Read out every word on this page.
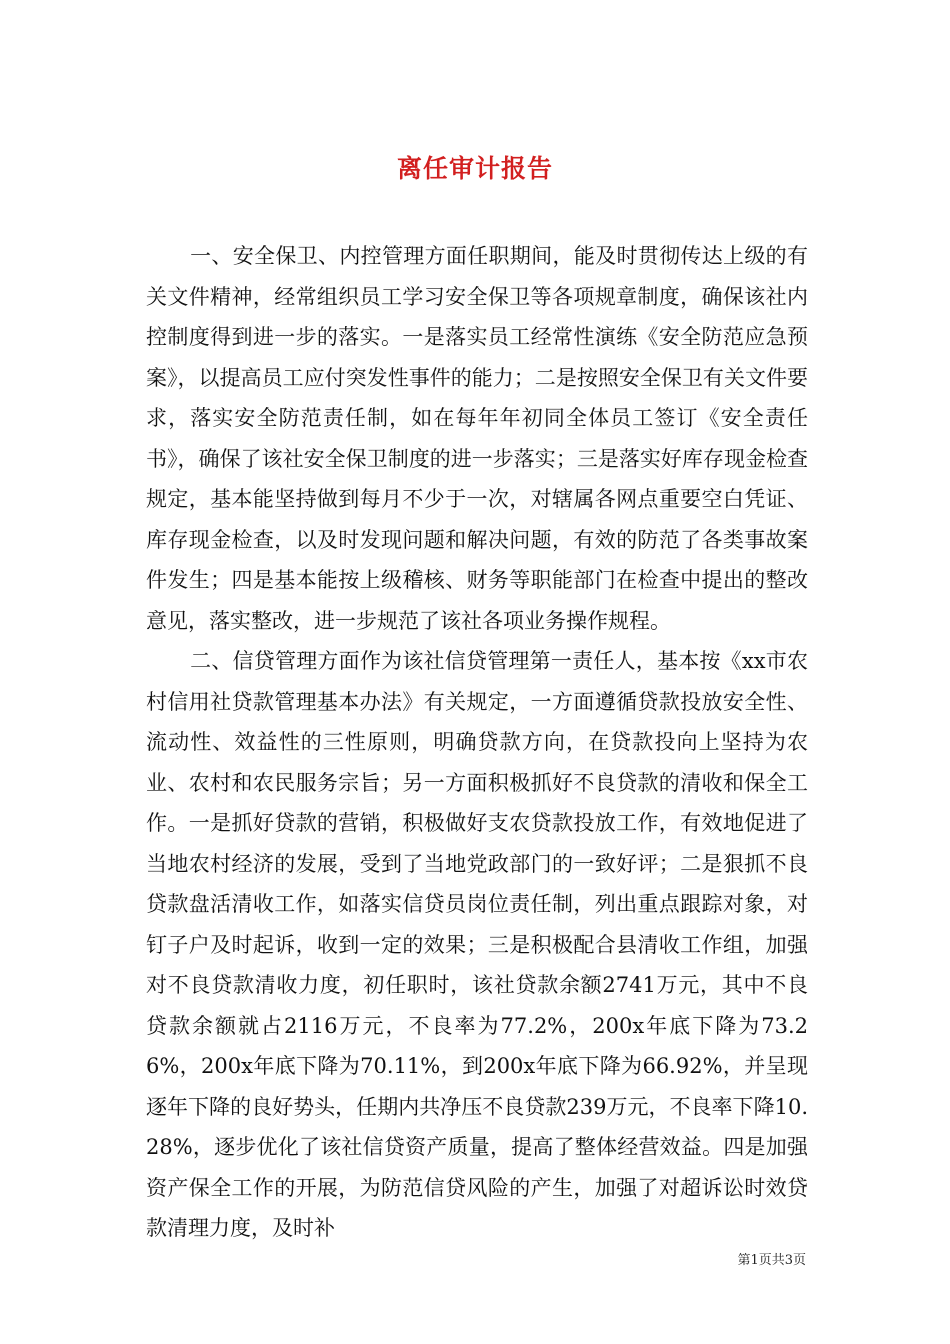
离任审计报告

一、安全保卫、内控管理方面任职期间，能及时贯彻传达上级的有关文件精神，经常组织员工学习安全保卫等各项规章制度，确保该社内控制度得到进一步的落实。一是落实员工经常性演练《安全防范应急预案》，以提高员工应付突发性事件的能力；二是按照安全保卫有关文件要求，落实安全防范责任制，如在每年年初同全体员工签订《安全责任书》，确保了该社安全保卫制度的进一步落实；三是落实好库存现金检查规定，基本能坚持做到每月不少于一次，对辖属各网点重要空白凭证、库存现金检查，以及时发现问题和解决问题，有效的防范了各类事故案件发生；四是基本能按上级稽核、财务等职能部门在检查中提出的整改意见，落实整改，进一步规范了该社各项业务操作规程。

二、信贷管理方面作为该社信贷管理第一责任人，基本按《xx市农村信用社贷款管理基本办法》有关规定，一方面遵循贷款投放安全性、流动性、效益性的三性原则，明确贷款方向，在贷款投向上坚持为农业、农村和农民服务宗旨；另一方面积极抓好不良贷款的清收和保全工作。一是抓好贷款的营销，积极做好支农贷款投放工作，有效地促进了当地农村经济的发展，受到了当地党政部门的一致好评；二是狠抓不良贷款盘活清收工作，如落实信贷员岗位责任制，列出重点跟踪对象，对钉子户及时起诉，收到一定的效果；三是积极配合县清收工作组，加强对不良贷款清收力度，初任职时，该社贷款余额2741万元，其中不良贷款余额就占2116万元，不良率为77.2%，200x年底下降为73.26%，200x年底下降为70.11%，到200x年底下降为66.92%，并呈现逐年下降的良好势头，任期内共净压不良贷款239万元，不良率下降10.28%，逐步优化了该社信贷资产质量，提高了整体经营效益。四是加强资产保全工作的开展，为防范信贷风险的产生，加强了对超诉讼时效贷款清理力度，及时补

第1页共3页
